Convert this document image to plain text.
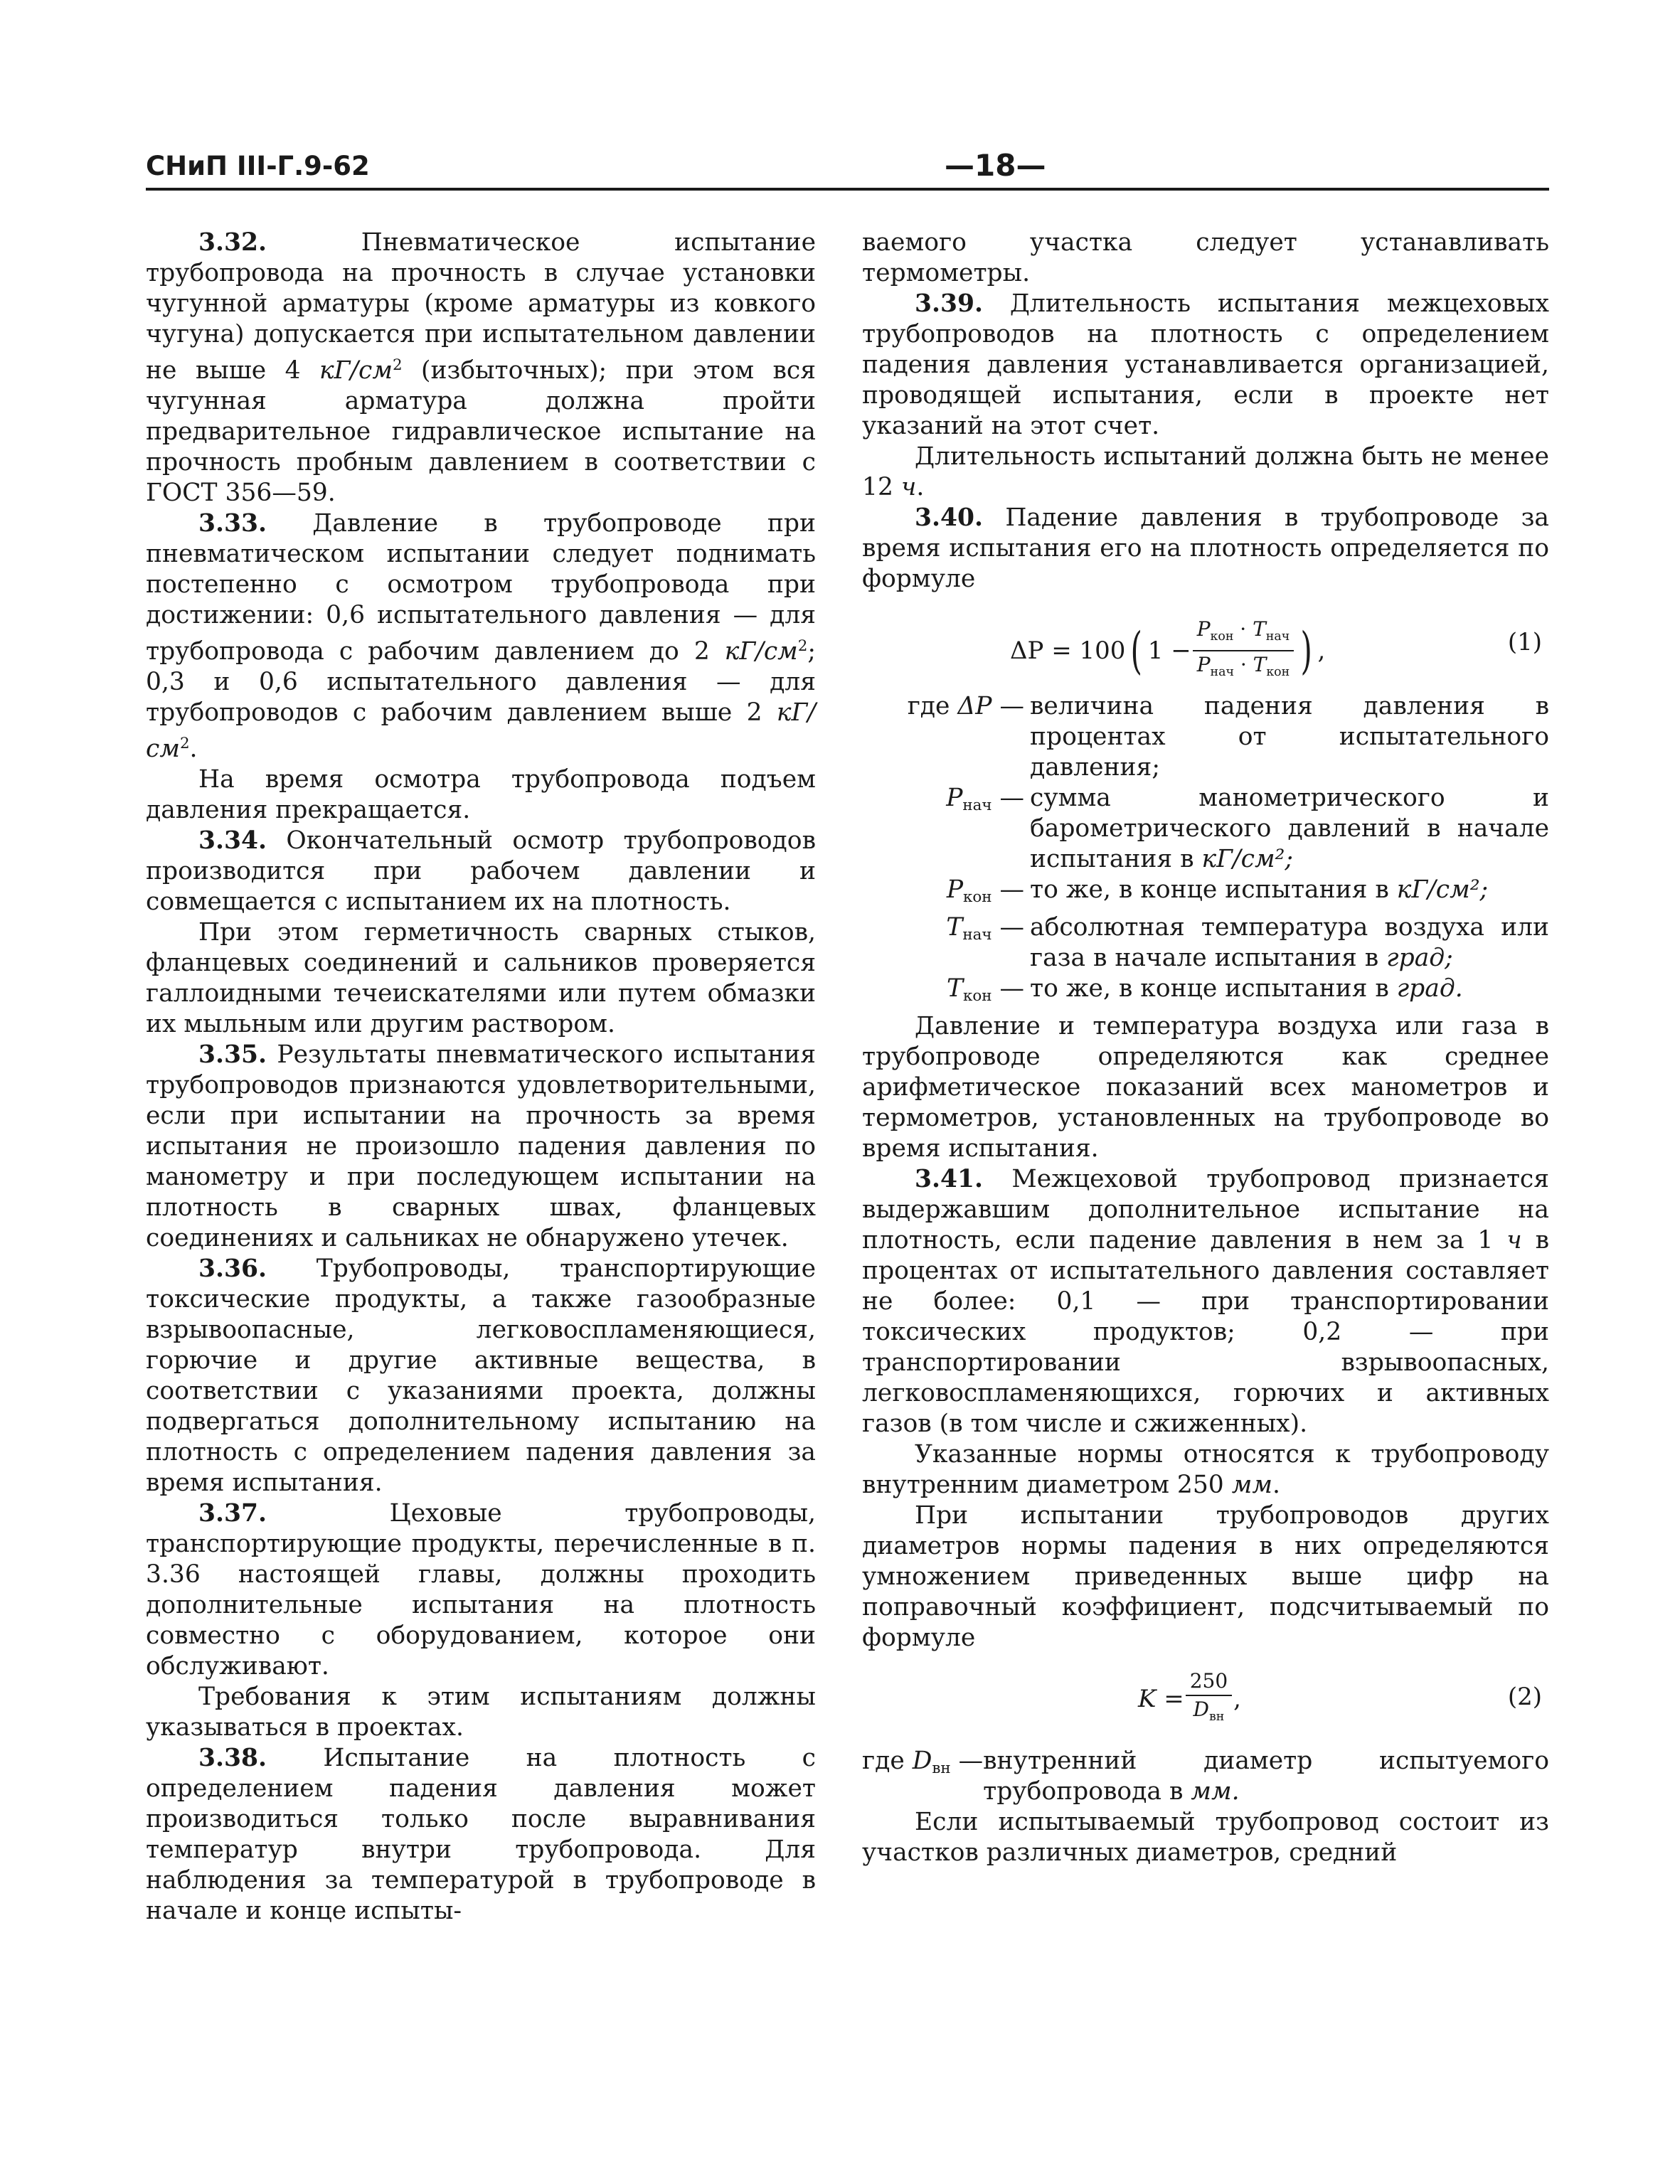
СНиП III-Г.9-62	—18—

3.32. Пневматическое испытание трубопровода на прочность в случае установки чугунной арматуры (кроме арматуры из ковкого чугуна) допускается при испытательном давлении не выше 4 $кГ/см^2$ (избыточных); при этом вся чугунная арматура должна пройти предварительное гидравлическое испытание на прочность пробным давлением в соответствии с ГОСТ 356—59.

3.33. Давление в трубопроводе при пневматическом испытании следует поднимать постепенно с осмотром трубопровода при достижении: 0,6 испытательного давления — для трубопровода с рабочим давлением до 2 $кГ/см^2$; 0,3 и 0,6 испытательного давления — для трубопроводов с рабочим давлением выше 2 $кГ/см^2$.

На время осмотра трубопровода подъем давления прекращается.

3.34. Окончательный осмотр трубопроводов производится при рабочем давлении и совмещается с испытанием их на плотность.

При этом герметичность сварных стыков, фланцевых соединений и сальников проверяется галлоидными течеискателями или путем обмазки их мыльным или другим раствором.

3.35. Результаты пневматического испытания трубопроводов признаются удовлетворительными, если при испытании на прочность за время испытания не произошло падения давления по манометру и при последующем испытании на плотность в сварных швах, фланцевых соединениях и сальниках не обнаружено утечек.

3.36. Трубопроводы, транспортирующие токсические продукты, а также газообразные взрывоопасные, легковоспламеняющиеся, горючие и другие активные вещества, в соответствии с указаниями проекта, должны подвергаться дополнительному испытанию на плотность с определением падения давления за время испытания.

3.37. Цеховые трубопроводы, транспортирующие продукты, перечисленные в п. 3.36 настоящей главы, должны проходить дополнительные испытания на плотность совместно с оборудованием, которое они обслуживают.

Требования к этим испытаниям должны указываться в проектах.

3.38. Испытание на плотность с определением падения давления может производиться только после выравнивания температур внутри трубопровода. Для наблюдения за температурой в трубопроводе в начале и конце испыты-

ваемого участка следует устанавливать термометры.

3.39. Длительность испытания межцеховых трубопроводов на плотность с определением падения давления устанавливается организацией, проводящей испытания, если в проекте нет указаний на этот счет.

Длительность испытаний должна быть не менее 12 ч.

3.40. Падение давления в трубопроводе за время испытания его на плотность определяется по формуле

ΔP = 100 ( $1 - \frac{P_{кон} \cdot T_{нач}}{P_{нач} \cdot T_{кон}}$ ) ,	(1)
где ΔP — величина падения давления в процентах от испытательного давления;
$P_{нач}$ — сумма манометрического и барометрического давлений в начале испытания в кГ/см²;
$P_{кон}$ — то же, в конце испытания в кГ/см²;
$T_{нач}$ — абсолютная температура воздуха или газа в начале испытания в град;
$T_{кон}$ — то же, в конце испытания в град.

Давление и температура воздуха или газа в трубопроводе определяются как среднее арифметическое показаний всех манометров и термометров, установленных на трубопроводе во время испытания.

3.41. Межцеховой трубопровод признается выдержавшим дополнительное испытание на плотность, если падение давления в нем за 1 ч в процентах от испытательного давления составляет не более: 0,1 — при транспортировании токсических продуктов; 0,2 — при транспортировании взрывоопасных, легковоспламеняющихся, горючих и активных газов (в том числе и сжиженных).

Указанные нормы относятся к трубопроводу внутренним диаметром 250 мм.

При испытании трубопроводов других диаметров нормы падения в них определяются умножением приведенных выше цифр на поправочный коэффициент, подсчитываемый по формуле

$K = \frac{250}{D_{вн}}$ ,	(2)
где $D_{вн}$ — внутренний диаметр испытуемого трубопровода в мм.

Если испытываемый трубопровод состоит из участков различных диаметров, средний
